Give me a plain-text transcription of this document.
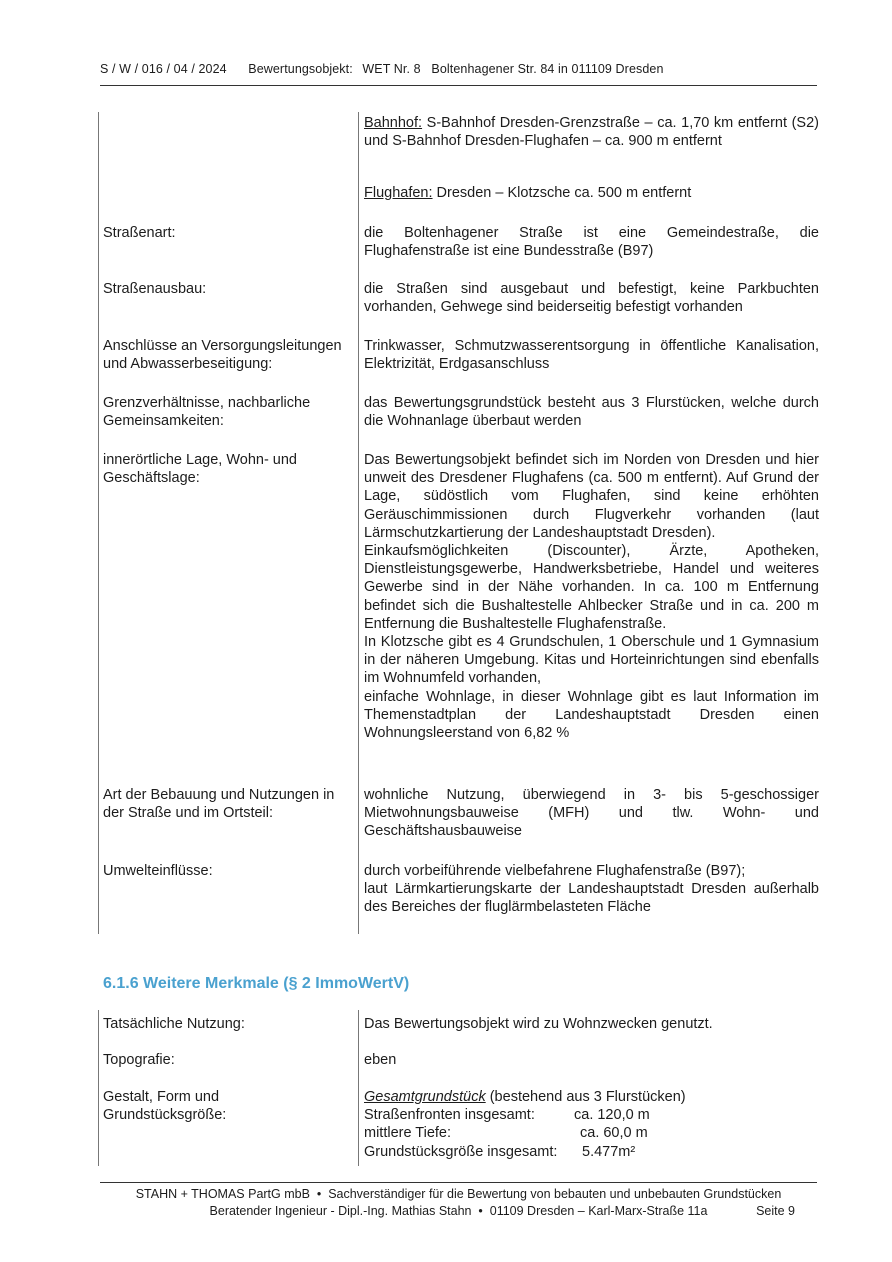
S / W / 016 / 04 / 2024 Bewertungsobjekt: WET Nr. 8   Boltenhagener Str. 84 in 011109 Dresden
Bahnhof: S-Bahnhof Dresden-Grenzstraße – ca. 1,70 km entfernt (S2) und S-Bahnhof Dresden-Flughafen – ca. 900 m entfernt
Flughafen: Dresden – Klotzsche ca. 500 m entfernt
Straßenart:	die Boltenhagener Straße ist eine Gemeindestraße, die Flughafenstraße ist eine Bundesstraße (B97)
Straßenausbau:	die Straßen sind ausgebaut und befestigt, keine Parkbuchten vorhanden, Gehwege sind beiderseitig befestigt vorhanden
Anschlüsse an Versorgungsleitungen und Abwasserbeseitigung:
Trinkwasser, Schmutzwasserentsorgung in öffentliche Kanalisation, Elektrizität, Erdgasanschluss
Grenzverhältnisse, nachbarliche Gemeinsamkeiten:
das Bewertungsgrundstück besteht aus 3 Flurstücken, welche durch die Wohnanlage überbaut werden
innerörtliche Lage, Wohn- und Geschäftslage:
Das Bewertungsobjekt befindet sich im Norden von Dresden und hier unweit des Dresdener Flughafens (ca. 500 m entfernt). Auf Grund der Lage, südöstlich vom Flughafen, sind keine erhöhten Geräuschimmissionen durch Flugverkehr vorhanden (laut Lärmschutzkartierung der Landeshauptstadt Dresden).
Einkaufsmöglichkeiten (Discounter), Ärzte, Apotheken, Dienstleistungsgewerbe, Handwerksbetriebe, Handel und weiteres Gewerbe sind in der Nähe vorhanden. In ca. 100 m Entfernung befindet sich die Bushaltestelle Ahlbecker Straße und in ca. 200 m Entfernung die Bushaltestelle Flughafenstraße.
In Klotzsche gibt es 4 Grundschulen, 1 Oberschule und 1 Gymnasium in der näheren Umgebung. Kitas und Horteinrichtungen sind ebenfalls im Wohnumfeld vorhanden,
einfache Wohnlage, in dieser Wohnlage gibt es laut Information im Themenstadtplan der Landeshauptstadt Dresden einen Wohnungsleerstand von 6,82 %
Art der Bebauung und Nutzungen in der Straße und im Ortsteil:
wohnliche Nutzung, überwiegend in 3- bis 5-geschossiger Mietwohnungsbauweise (MFH) und tlw. Wohn- und Geschäftshausbauweise
Umwelteinflüsse:	durch vorbeiführende vielbefahrene Flughafenstraße (B97);
laut Lärmkartierungskarte der Landeshauptstadt Dresden außerhalb des Bereiches der fluglärmbelasteten Fläche
6.1.6 Weitere Merkmale (§ 2 ImmoWertV)
Tatsächliche Nutzung:	Das Bewertungsobjekt wird zu Wohnzwecken genutzt.
Topografie:	eben
Gestalt, Form und Grundstücksgröße:
Gesamtgrundstück (bestehend aus 3 Flurstücken)
Straßenfronten insgesamt:	ca. 120,0 m
mittlere Tiefe:	ca. 60,0 m
Grundstücksgröße insgesamt:	5.477m²
STAHN + THOMAS PartG mbB  •  Sachverständiger für die Bewertung von bebauten und unbebauten Grundstücken
Beratender Ingenieur - Dipl.-Ing. Mathias Stahn  •  01109 Dresden – Karl-Marx-Straße 11a	Seite 9
